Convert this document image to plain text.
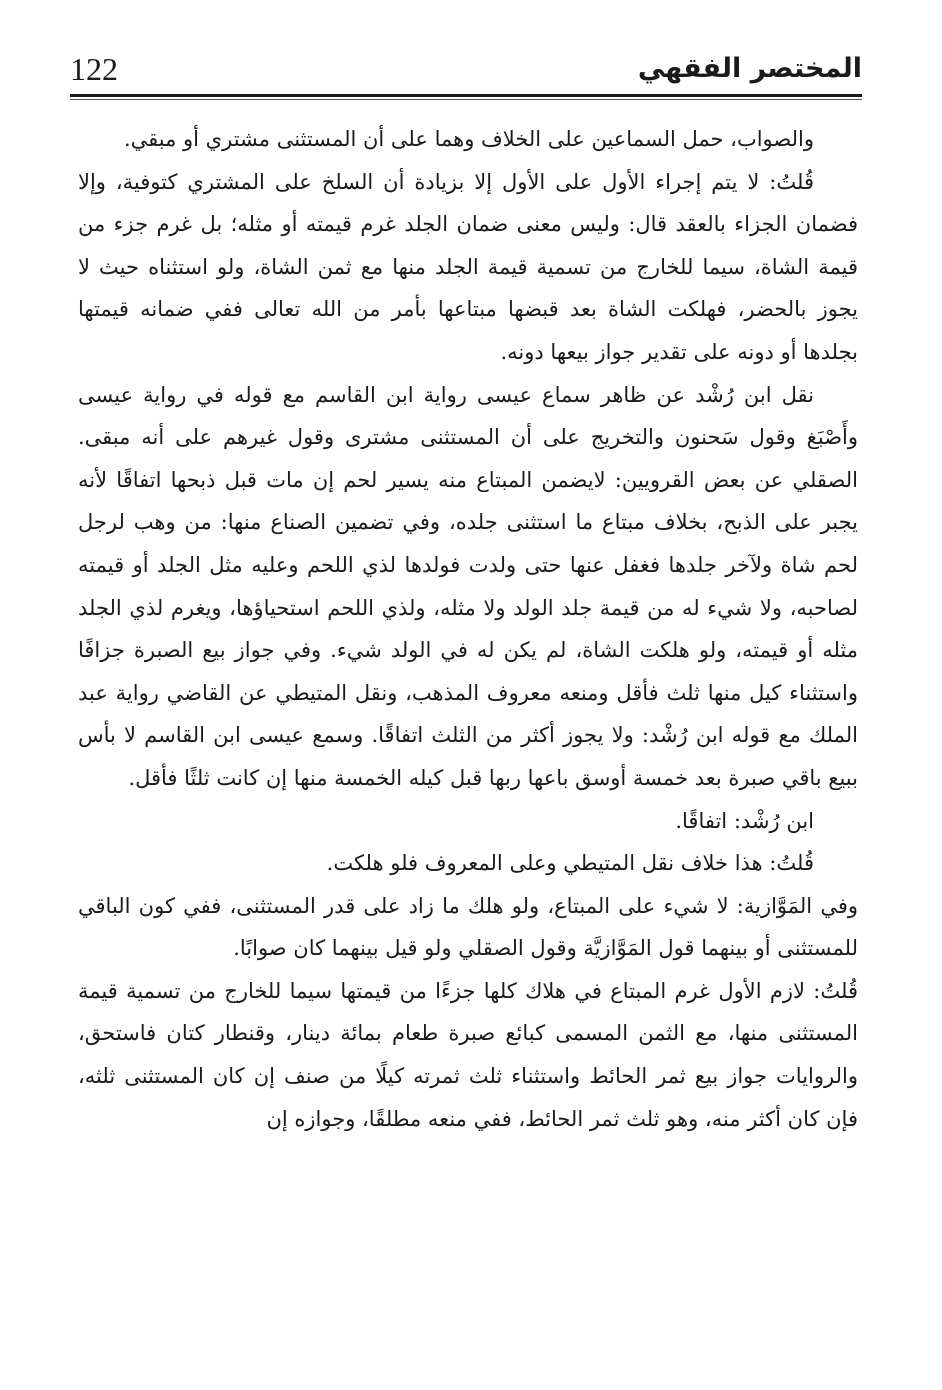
122	المختصر الفقهي

والصواب، حمل السماعين على الخلاف وهما على أن المستثنى مشتري أو مبقي.

قُلتُ: لا يتم إجراء الأول على الأول إلا بزيادة أن السلخ على المشتري كتوفية، وإلا فضمان الجزاء بالعقد قال: وليس معنى ضمان الجلد غرم قيمته أو مثله؛ بل غرم جزء من قيمة الشاة، سيما للخارج من تسمية قيمة الجلد منها مع ثمن الشاة، ولو استثناه حيث لا يجوز بالحضر، فهلكت الشاة بعد قبضها مبتاعها بأمر من الله تعالى ففي ضمانه قيمتها بجلدها أو دونه على تقدير جواز بيعها دونه.

نقل ابن رُشْد عن ظاهر سماع عيسى رواية ابن القاسم مع قوله في رواية عيسى وأَصْبَغ وقول سَحنون والتخريج على أن المستثنى مشترى وقول غيرهم على أنه مبقى. الصقلي عن بعض القرويين: لايضمن المبتاع منه يسير لحم إن مات قبل ذبحها اتفاقًا لأنه يجبر على الذبح، بخلاف مبتاع ما استثنى جلده، وفي تضمين الصناع منها: من وهب لرجل لحم شاة ولآخر جلدها فغفل عنها حتى ولدت فولدها لذي اللحم وعليه مثل الجلد أو قيمته لصاحبه، ولا شيء له من قيمة جلد الولد ولا مثله، ولذي اللحم استحياؤها، ويغرم لذي الجلد مثله أو قيمته، ولو هلكت الشاة، لم يكن له في الولد شيء. وفي جواز بيع الصبرة جزافًا واستثناء كيل منها ثلث فأقل ومنعه معروف المذهب، ونقل المتيطي عن القاضي رواية عبد الملك مع قوله ابن رُشْد: ولا يجوز أكثر من الثلث اتفاقًا. وسمع عيسى ابن القاسم لا بأس ببيع باقي صبرة بعد خمسة أوسق باعها ربها قبل كيله الخمسة منها إن كانت ثلثًا فأقل.

ابن رُشْد: اتفاقًا.

قُلتُ: هذا خلاف نقل المتيطي وعلى المعروف فلو هلكت.

وفي المَوَّازية: لا شيء على المبتاع، ولو هلك ما زاد على قدر المستثنى، ففي كون الباقي للمستثنى أو بينهما قول المَوَّازيَّة وقول الصقلي ولو قيل بينهما كان صوابًا.

قُلتُ: لازم الأول غرم المبتاع في هلاك كلها جزءًا من قيمتها سيما للخارج من تسمية قيمة المستثنى منها، مع الثمن المسمى كبائع صبرة طعام بمائة دينار، وقنطار كتان فاستحق، والروايات جواز بيع ثمر الحائط واستثناء ثلث ثمرته كيلًا من صنف إن كان المستثنى ثلثه، فإن كان أكثر منه، وهو ثلث ثمر الحائط، ففي منعه مطلقًا، وجوازه إن
